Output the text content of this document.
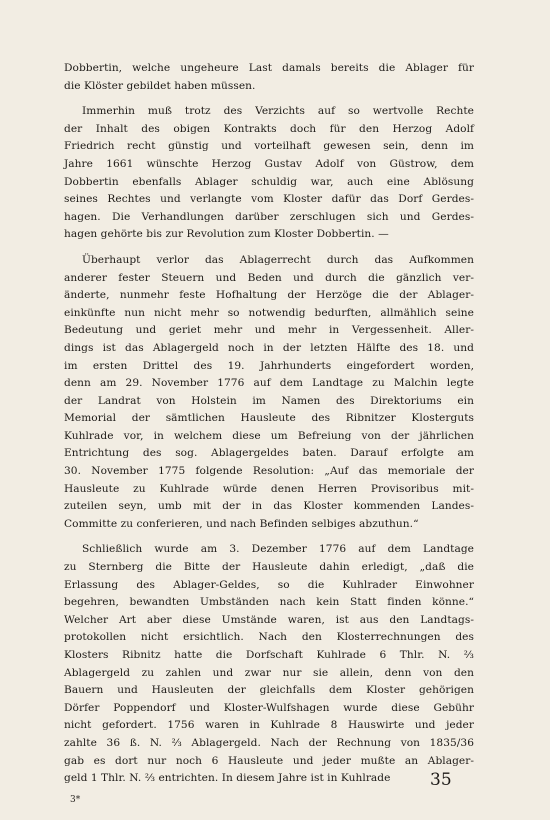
Dobbertin, welche ungeheure Last damals bereits die Ablager für
die Klöster gebildet haben müssen.
Immerhin muß trotz des Verzichts auf so wertvolle Rechte
der Inhalt des obigen Kontrakts doch für den Herzog Adolf
Friedrich recht günstig und vorteilhaft gewesen sein, denn im
Jahre 1661 wünschte Herzog Gustav Adolf von Güstrow, dem
Dobbertin ebenfalls Ablager schuldig war, auch eine Ablösung
seines Rechtes und verlangte vom Kloster dafür das Dorf Gerdes-
hagen. Die Verhandlungen darüber zerschlugen sich und Gerdes-
hagen gehörte bis zur Revolution zum Kloster Dobbertin. —
Überhaupt verlor das Ablagerrecht durch das Aufkommen
anderer fester Steuern und Beden und durch die gänzlich ver-
änderte, nunmehr feste Hofhaltung der Herzöge die der Ablager-
einkünfte nun nicht mehr so notwendig bedurften, allmählich seine
Bedeutung und geriet mehr und mehr in Vergessenheit. Aller-
dings ist das Ablagergeld noch in der letzten Hälfte des 18. und
im ersten Drittel des 19. Jahrhunderts eingefordert worden,
denn am 29. November 1776 auf dem Landtage zu Malchin legte
der Landrat von Holstein im Namen des Direktoriums ein
Memorial der sämtlichen Hausleute des Ribnitzer Klosterguts
Kuhlrade vor, in welchem diese um Befreiung von der jährlichen
Entrichtung des sog. Ablagergeldes baten. Darauf erfolgte am
30. November 1775 folgende Resolution: „Auf das memoriale der
Hausleute zu Kuhlrade würde denen Herren Provisoribus mit-
zuteilen seyn, umb mit der in das Kloster kommenden Landes-
Committe zu conferieren, und nach Befinden selbiges abzuthun.“
Schließlich wurde am 3. Dezember 1776 auf dem Landtage
zu Sternberg die Bitte der Hausleute dahin erledigt, „daß die
Erlassung des Ablager-Geldes, so die Kuhlrader Einwohner
begehren, bewandten Umbständen nach kein Statt finden könne.“
Welcher Art aber diese Umstände waren, ist aus den Landtags-
protokollen nicht ersichtlich. Nach den Klosterrechnungen des
Klosters Ribnitz hatte die Dorfschaft Kuhlrade 6 Thlr. N. ⅔
Ablagergeld zu zahlen und zwar nur sie allein, denn von den
Bauern und Hausleuten der gleichfalls dem Kloster gehörigen
Dörfer Poppendorf und Kloster-Wulfshagen wurde diese Gebühr
nicht gefordert. 1756 waren in Kuhlrade 8 Hauswirte und jeder
zahlte 36 ß. N. ⅔ Ablagergeld. Nach der Rechnung von 1835/36
gab es dort nur noch 6 Hausleute und jeder mußte an Ablager-
geld 1 Thlr. N. ⅔ entrichten. In diesem Jahre ist in Kuhlrade
3*
35
